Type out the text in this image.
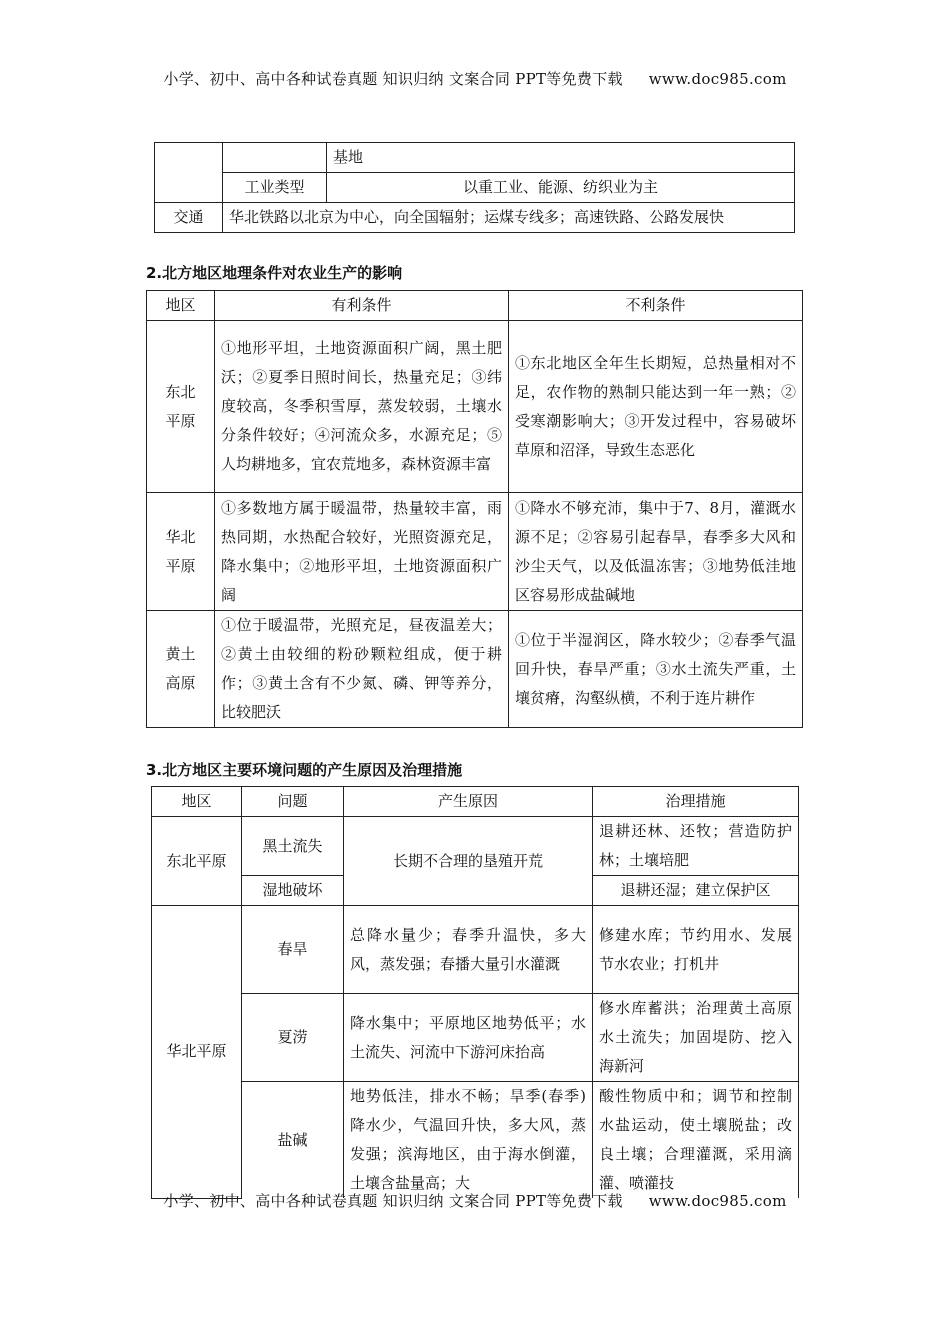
小学、初中、高中各种试卷真题 知识归纳 文案合同 PPT等免费下载 www.doc985.com
		基地
	工业类型	以重工业、能源、纺织业为主
交通	华北铁路以北京为中心，向全国辐射；运煤专线多；高速铁路、公路发展快	
2.北方地区地理条件对农业生产的影响
地区	有利条件	不利条件
东北
平原	①地形平坦，土地资源面积广阔，黑土肥沃；②夏季日照时间长，热量充足；③纬度较高，冬季积雪厚，蒸发较弱，土壤水分条件较好；④河流众多，水源充足；⑤人均耕地多，宜农荒地多，森林资源丰富	①东北地区全年生长期短，总热量相对不足，农作物的熟制只能达到一年一熟；②受寒潮影响大；③开发过程中，容易破坏草原和沼泽，导致生态恶化
华北
平原	①多数地方属于暖温带，热量较丰富，雨热同期，水热配合较好，光照资源充足，降水集中；②地形平坦，土地资源面积广阔	①降水不够充沛，集中于7、8月，灌溉水源不足；②容易引起春旱，春季多大风和沙尘天气，以及低温冻害；③地势低洼地区容易形成盐碱地
黄土
高原	①位于暖温带，光照充足，昼夜温差大；②黄土由较细的粉砂颗粒组成，便于耕作；③黄土含有不少氮、磷、钾等养分，比较肥沃	①位于半湿润区，降水较少；②春季气温回升快，春旱严重；③水土流失严重，土壤贫瘠，沟壑纵横，不利于连片耕作
3.北方地区主要环境问题的产生原因及治理措施
地区	问题	产生原因	治理措施
东北平原	黑土流失	长期不合理的垦殖开荒	退耕还林、还牧；营造防护林；土壤培肥
	湿地破坏		退耕还湿；建立保护区
华北平原	春旱	总降水量少；春季升温快，多大风，蒸发强；春播大量引水灌溉	修建水库；节约用水、发展节水农业；打机井
	夏涝	降水集中；平原地区地势低平；水土流失、河流中下游河床抬高	修水库蓄洪；治理黄土高原水土流失；加固堤防、挖入海新河
	盐碱	地势低洼，排水不畅；旱季(春季)降水少，气温回升快，多大风，蒸发强；滨海地区，由于海水倒灌，土壤含盐量高；大	酸性物质中和；调节和控制水盐运动，使土壤脱盐；改良土壤；合理灌溉，采用滴灌、喷灌技
小学、初中、高中各种试卷真题 知识归纳 文案合同 PPT等免费下载 www.doc985.com
